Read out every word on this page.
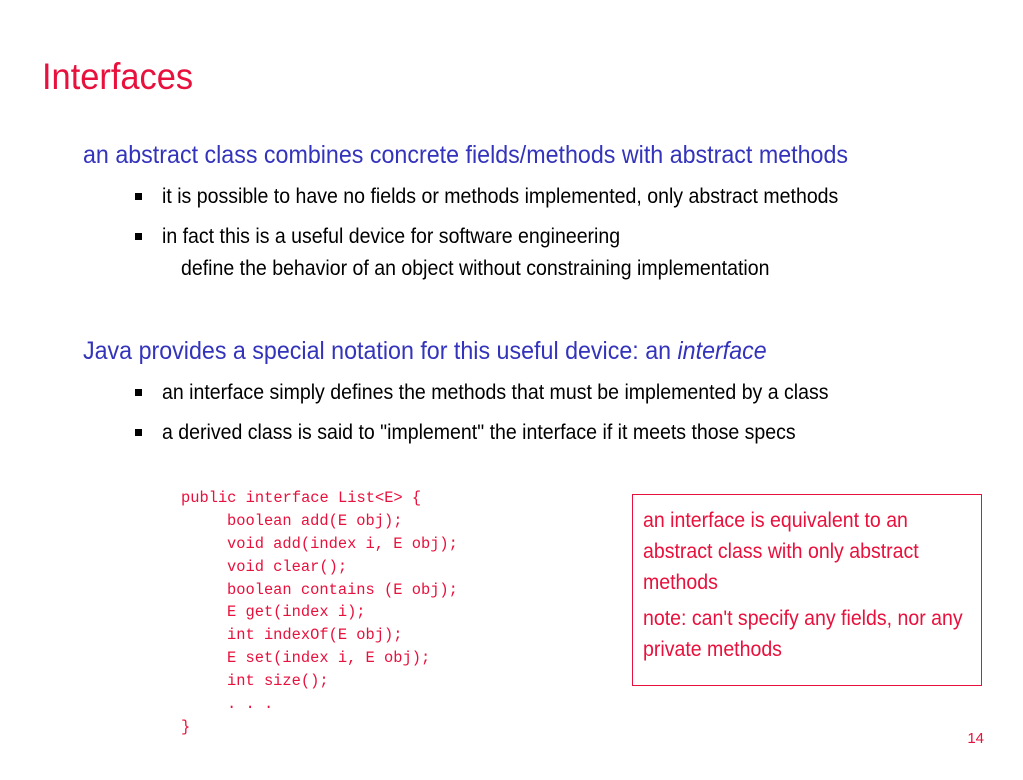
Interfaces

an abstract class combines concrete fields/methods with abstract methods

it is possible to have no fields or methods implemented, only abstract methods

in fact this is a useful device for software engineering

define the behavior of an object without constraining implementation

Java provides a special notation for this useful device: an interface

an interface simply defines the methods that must be implemented by a class

a derived class is said to "implement" the interface if it meets those specs

public interface List<E> {
boolean add(E obj);
void add(index i, E obj);
void clear();
boolean contains (E obj);
E get(index i);
int indexOf(E obj);
E set(index i, E obj);
int size();
. . .
}

an interface is equivalent to an abstract class with only abstract methods

note: can't specify any fields, nor any private methods

14
